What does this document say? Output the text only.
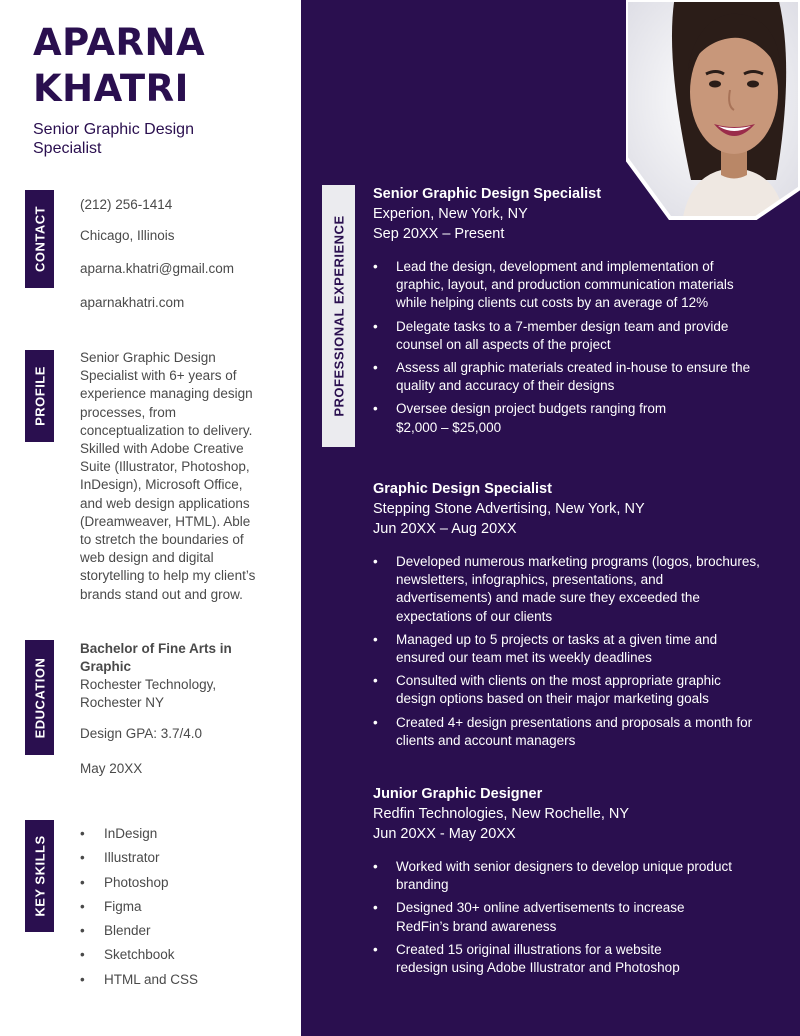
APARNA
KHATRI
Senior Graphic Design
Specialist
CONTACT
(212) 256-1414
Chicago, Illinois
aparna.khatri@gmail.com
aparnakhatri.com
PROFILE
Senior Graphic Design
Specialist with 6+ years of
experience managing design
processes, from
conceptualization to delivery.
Skilled with Adobe Creative
Suite (Illustrator, Photoshop,
InDesign), Microsoft Office,
and web design applications
(Dreamweaver, HTML). Able
to stretch the boundaries of
web design and digital
storytelling to help my client’s
brands stand out and grow.
EDUCATION
Bachelor of Fine Arts in
Graphic
Rochester Technology,
Rochester NY
Design GPA: 3.7/4.0
May 20XX
KEY SKILLS
• InDesign
• Illustrator
• Photoshop
• Figma
• Blender
• Sketchbook
• HTML and CSS
PROFESSIONAL EXPERIENCE
Senior Graphic Design Specialist
Experion, New York, NY
Sep 20XX – Present
• Lead the design, development and implementation of
graphic, layout, and production communication materials
while helping clients cut costs by an average of 12%
• Delegate tasks to a 7-member design team and provide
counsel on all aspects of the project
• Assess all graphic materials created in-house to ensure the
quality and accuracy of their designs
• Oversee design project budgets ranging from
$2,000 – $25,000
Graphic Design Specialist
Stepping Stone Advertising, New York, NY
Jun 20XX – Aug 20XX
• Developed numerous marketing programs (logos, brochures,
newsletters, infographics, presentations, and
advertisements) and made sure they exceeded the
expectations of our clients
• Managed up to 5 projects or tasks at a given time and
ensured our team met its weekly deadlines
• Consulted with clients on the most appropriate graphic
design options based on their major marketing goals
• Created 4+ design presentations and proposals a month for
clients and account managers
Junior Graphic Designer
Redfin Technologies, New Rochelle, NY
Jun 20XX - May 20XX
• Worked with senior designers to develop unique product
branding
• Designed 30+ online advertisements to increase
RedFin’s brand awareness
• Created 15 original illustrations for a website
redesign using Adobe Illustrator and Photoshop
